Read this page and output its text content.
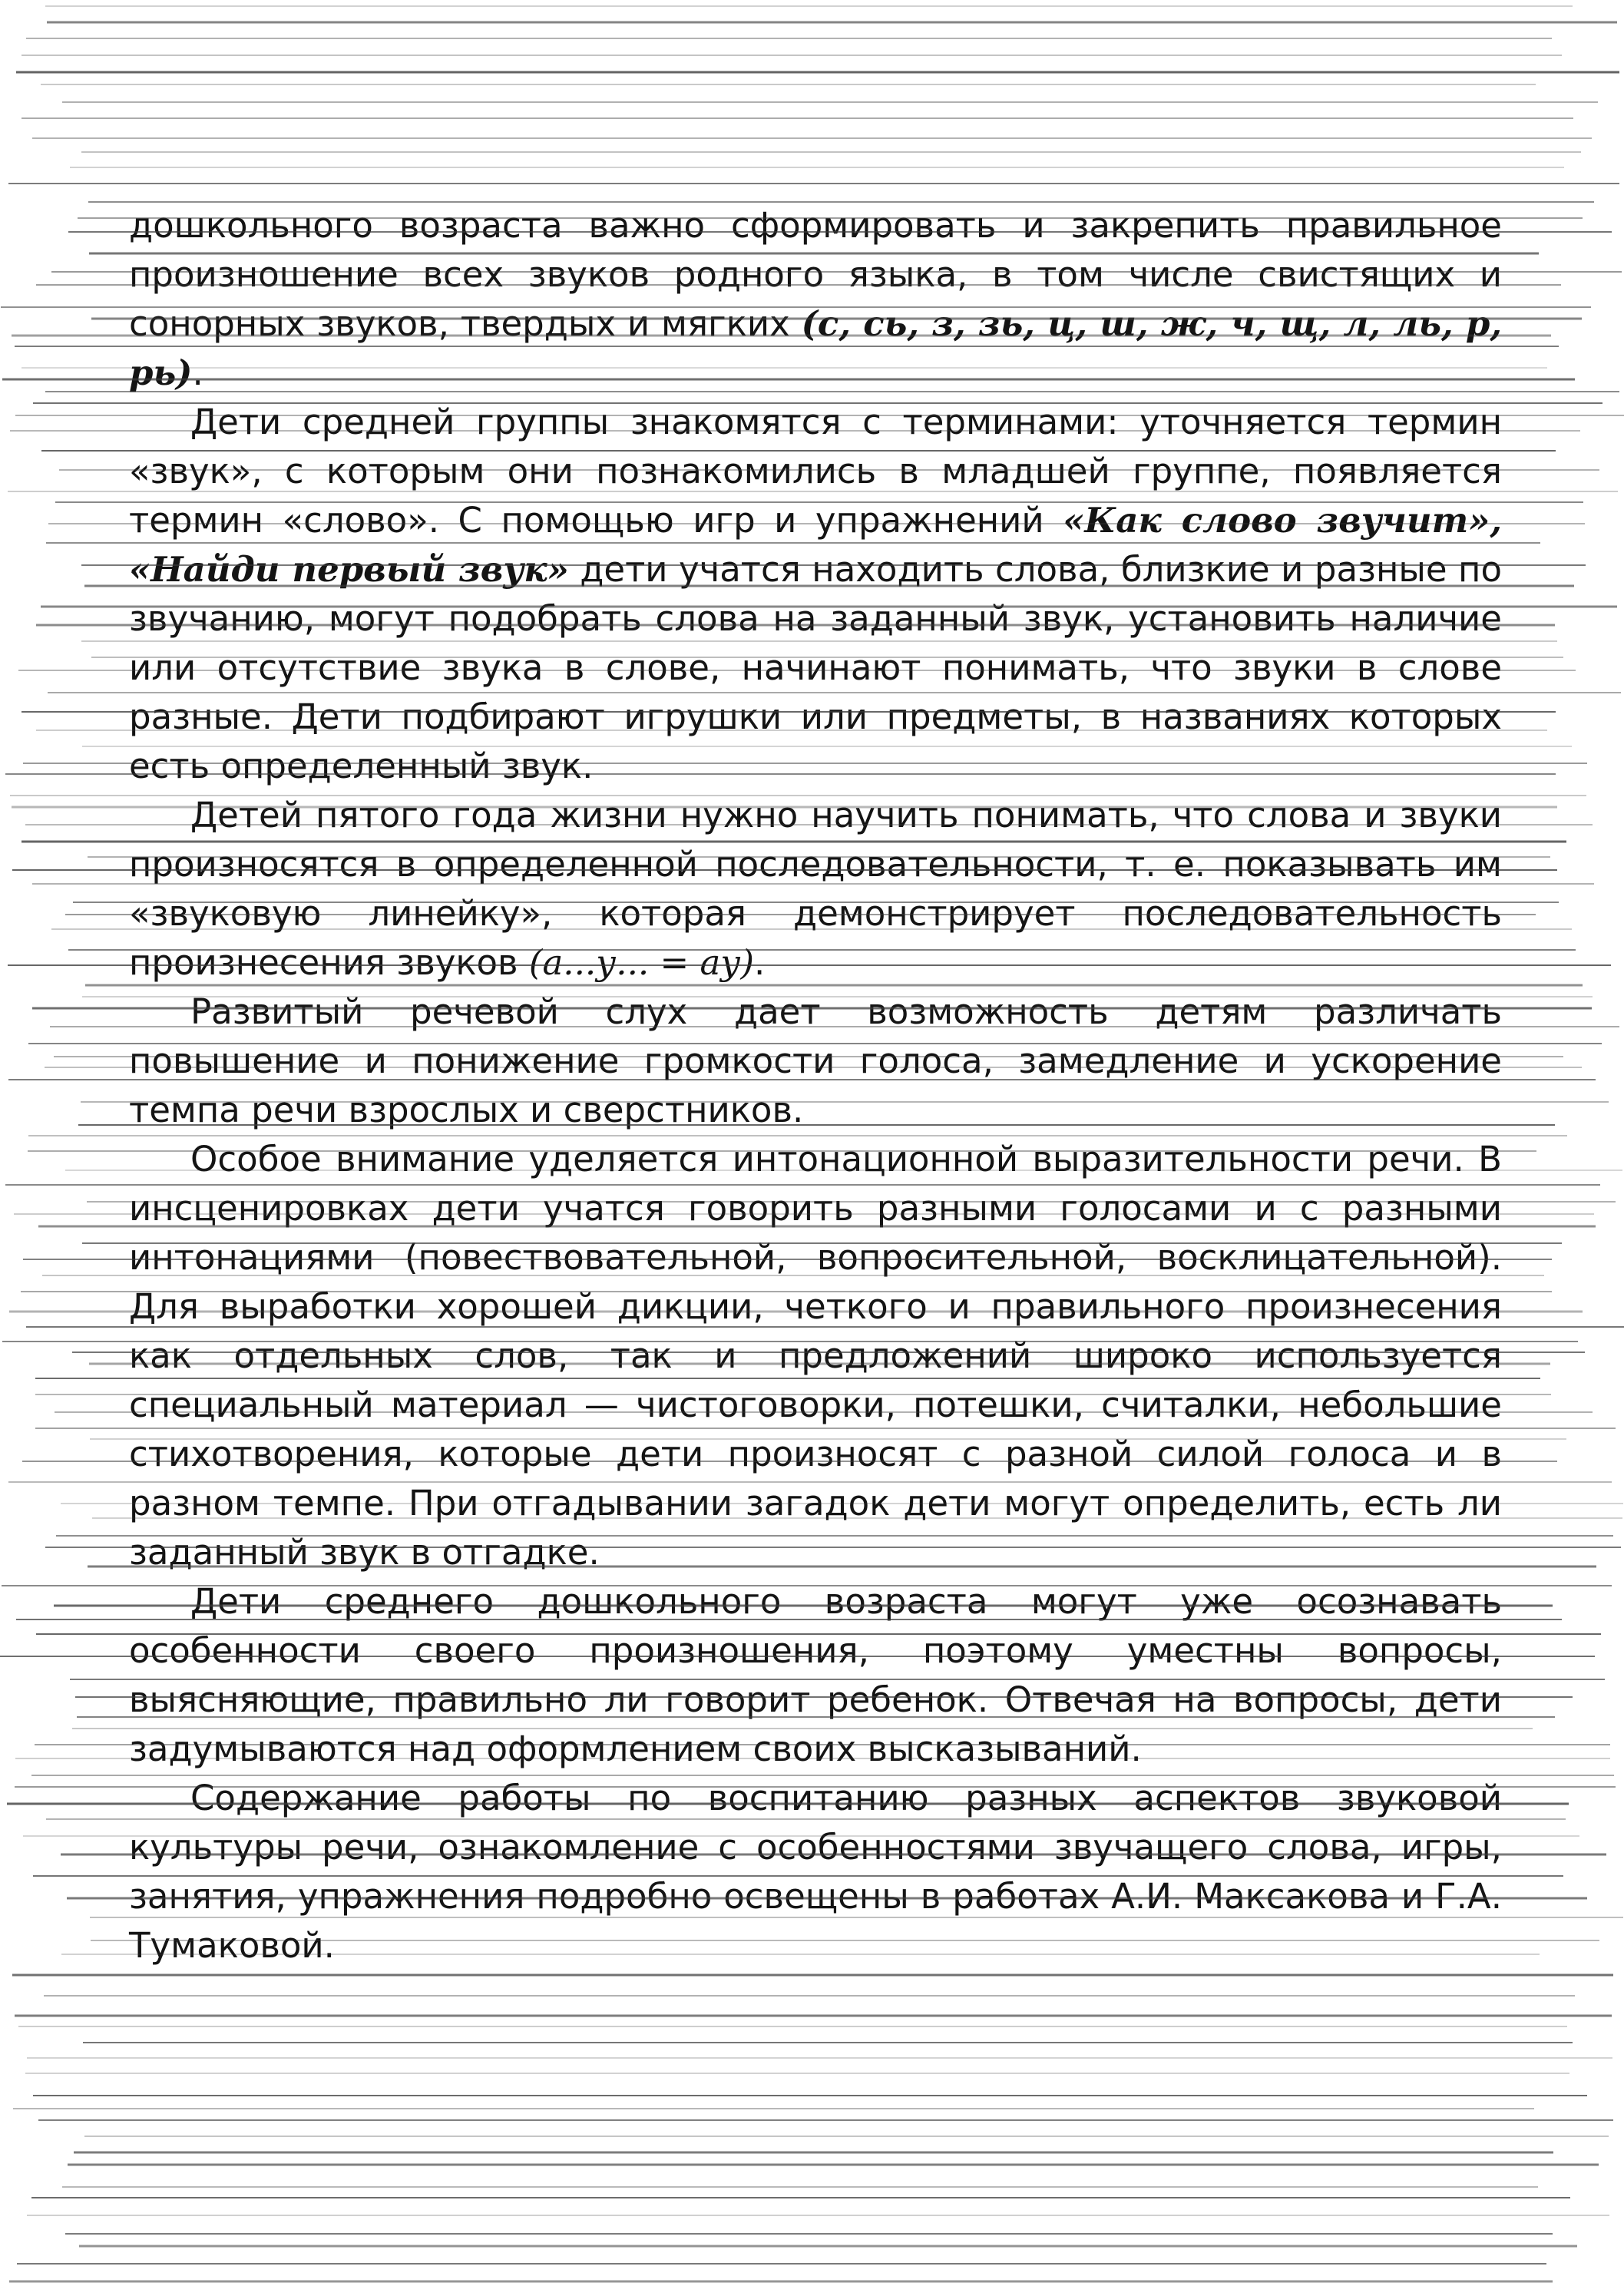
дошкольного возраста важно сформировать и закрепить правильное произношение всех звуков родного языка, в том числе свистящих и сонорных звуков, твердых и мягких (с, сь, з, зь, ц, ш, ж, ч, щ, л, ль, р, рь).

Дети средней группы знакомятся с терминами: уточняется термин «звук», с которым они познакомились в младшей группе, появляется термин «слово». С помощью игр и упражнений «Как слово звучит», «Найди первый звук» дети учатся находить слова, близкие и разные по звучанию, могут подобрать слова на заданный звук, установить наличие или отсутствие звука в слове, начинают понимать, что звуки в слове разные. Дети подбирают игрушки или предметы, в названиях которых есть определенный звук.

Детей пятого года жизни нужно научить понимать, что слова и звуки произносятся в определенной последовательности, т. е. показывать им «звуковую линейку», которая демонстрирует последовательность произнесения звуков (а...у... = ау).

Развитый речевой слух дает возможность детям различать повышение и понижение громкости голоса, замедление и ускорение темпа речи взрослых и сверстников.

Особое внимание уделяется интонационной выразительности речи. В инсценировках дети учатся говорить разными голосами и с разными интонациями (повествовательной, вопросительной, восклицательной). Для выработки хорошей дикции, четкого и правильного произнесения как отдельных слов, так и предложений широко используется специальный материал — чистоговорки, потешки, считалки, небольшие стихотворения, которые дети произносят с разной силой голоса и в разном темпе. При отгадывании загадок дети могут определить, есть ли заданный звук в отгадке.

Дети среднего дошкольного возраста могут уже осознавать особенности своего произношения, поэтому уместны вопросы, выясняющие, правильно ли говорит ребенок. Отвечая на вопросы, дети задумываются над оформлением своих высказываний.

Содержание работы по воспитанию разных аспектов звуковой культуры речи, ознакомление с особенностями звучащего слова, игры, занятия, упражнения подробно освещены в работах А.И. Максакова и Г.А. Тумаковой.
